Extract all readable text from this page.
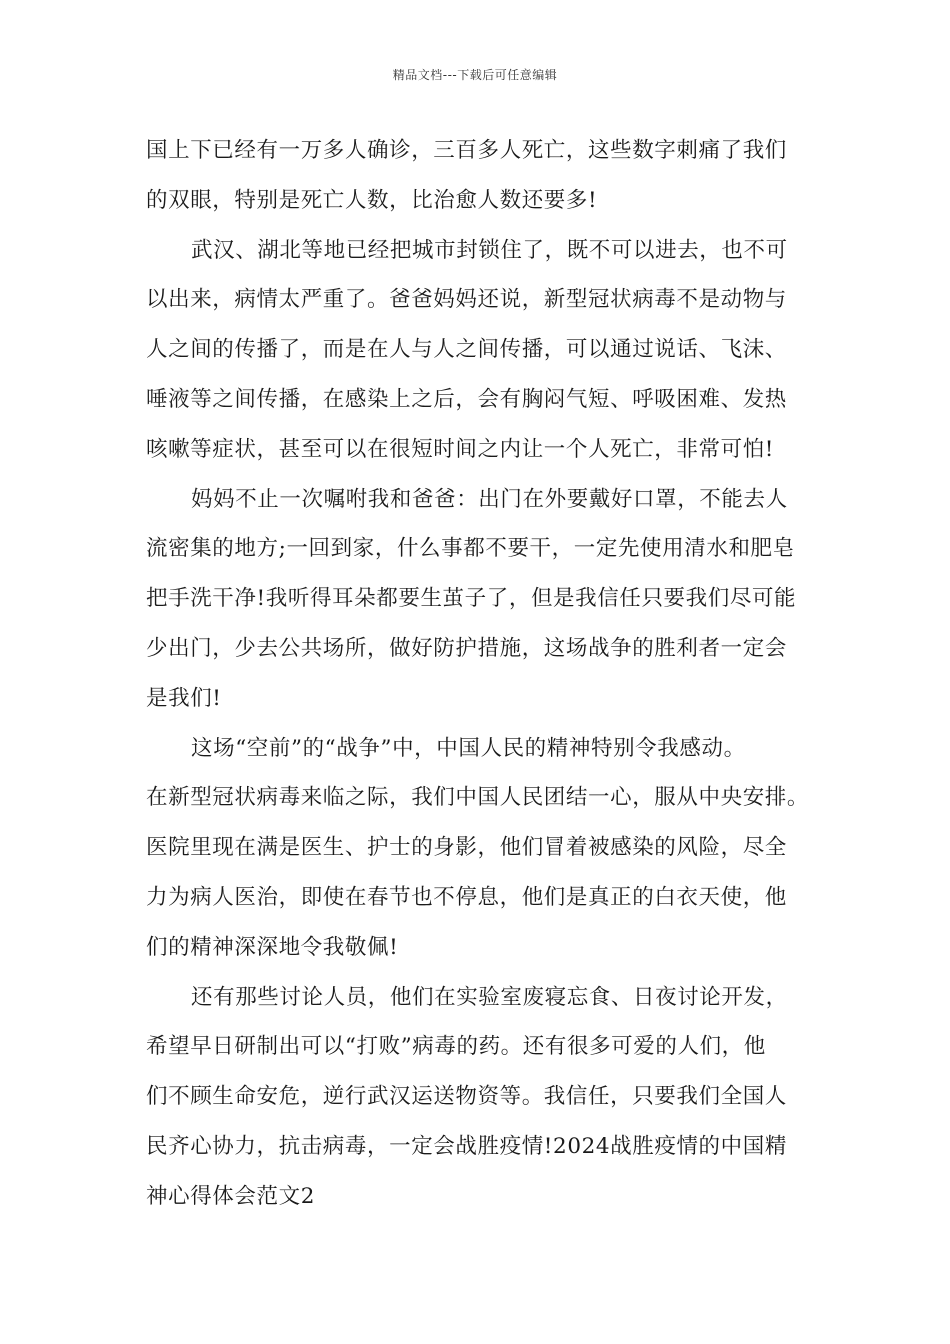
精品文档---下载后可任意编辑
国上下已经有一万多人确诊，三百多人死亡，这些数字刺痛了我们
的双眼，特别是死亡人数，比治愈人数还要多!
武汉、湖北等地已经把城市封锁住了，既不可以进去，也不可
以出来，病情太严重了。爸爸妈妈还说，新型冠状病毒不是动物与
人之间的传播了，而是在人与人之间传播，可以通过说话、飞沫、
唾液等之间传播，在感染上之后，会有胸闷气短、呼吸困难、发热
咳嗽等症状，甚至可以在很短时间之内让一个人死亡，非常可怕!
妈妈不止一次嘱咐我和爸爸：出门在外要戴好口罩，不能去人
流密集的地方;一回到家，什么事都不要干，一定先使用清水和肥皂
把手洗干净!我听得耳朵都要生茧子了，但是我信任只要我们尽可能
少出门，少去公共场所，做好防护措施，这场战争的胜利者一定会
是我们!
这场“空前”的“战争”中，中国人民的精神特别令我感动。
在新型冠状病毒来临之际，我们中国人民团结一心，服从中央安排。
医院里现在满是医生、护士的身影，他们冒着被感染的风险，尽全
力为病人医治，即使在春节也不停息，他们是真正的白衣天使，他
们的精神深深地令我敬佩!
还有那些讨论人员，他们在实验室废寝忘食、日夜讨论开发，
希望早日研制出可以“打败”病毒的药。还有很多可爱的人们，他
们不顾生命安危，逆行武汉运送物资等。我信任，只要我们全国人
民齐心协力，抗击病毒，一定会战胜疫情!2024战胜疫情的中国精
神心得体会范文2
